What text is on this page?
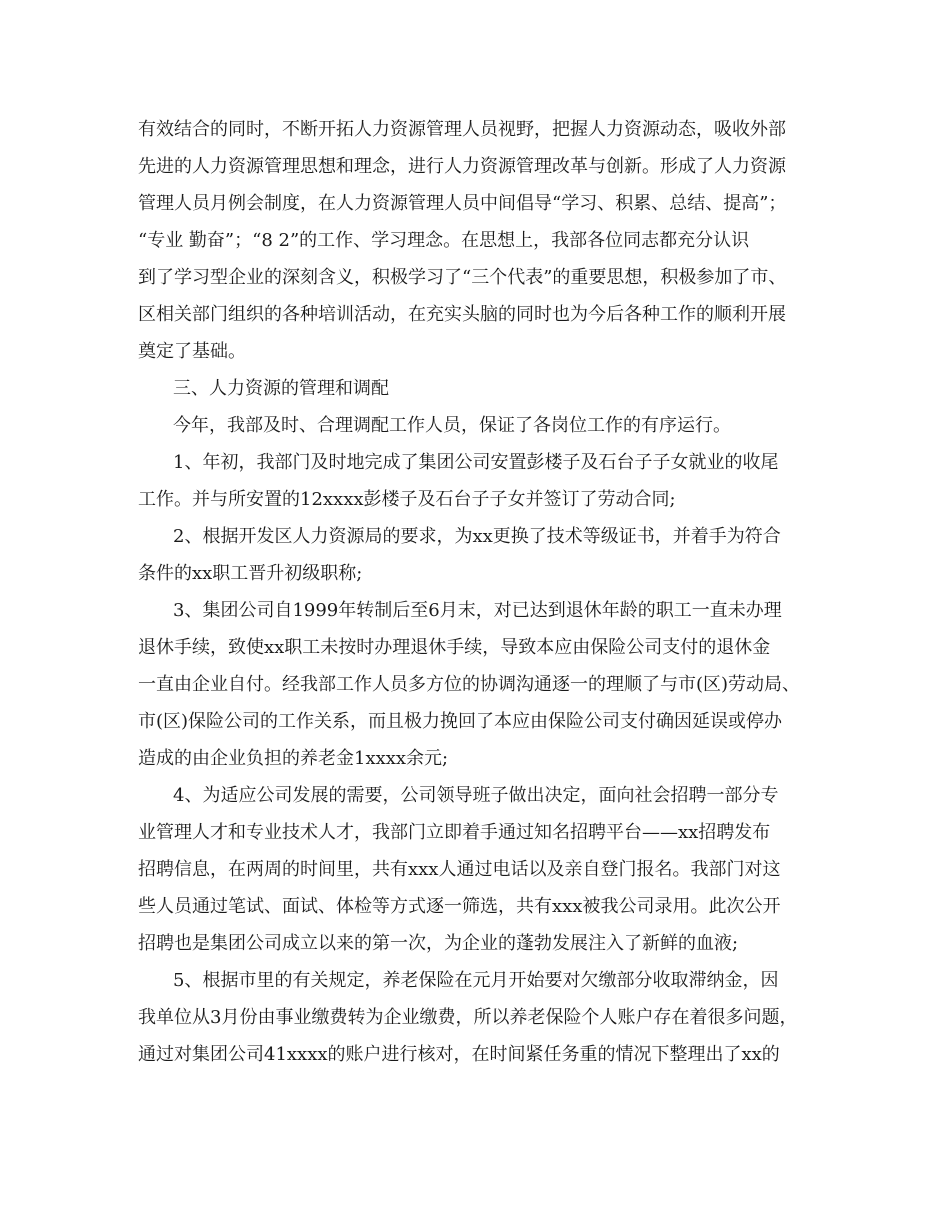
有效结合的同时，不断开拓人力资源管理人员视野，把握人力资源动态，吸收外部
先进的人力资源管理思想和理念，进行人力资源管理改革与创新。形成了人力资源
管理人员月例会制度，在人力资源管理人员中间倡导“学习、积累、总结、提高”；
“专业 勤奋”；“8 2”的工作、学习理念。在思想上，我部各位同志都充分认识
到了学习型企业的深刻含义，积极学习了“三个代表”的重要思想，积极参加了市、
区相关部门组织的各种培训活动，在充实头脑的同时也为今后各种工作的顺利开展
奠定了基础。
三、人力资源的管理和调配
今年，我部及时、合理调配工作人员，保证了各岗位工作的有序运行。
1、年初，我部门及时地完成了集团公司安置彭楼子及石台子子女就业的收尾
工作。并与所安置的12xxxx彭楼子及石台子子女并签订了劳动合同;
2、根据开发区人力资源局的要求，为xx更换了技术等级证书，并着手为符合
条件的xx职工晋升初级职称;
3、集团公司自1999年转制后至6月末，对已达到退休年龄的职工一直未办理
退休手续，致使xx职工未按时办理退休手续，导致本应由保险公司支付的退休金
一直由企业自付。经我部工作人员多方位的协调沟通逐一的理顺了与市(区)劳动局、
市(区)保险公司的工作关系，而且极力挽回了本应由保险公司支付确因延误或停办
造成的由企业负担的养老金1xxxx余元;
4、为适应公司发展的需要，公司领导班子做出决定，面向社会招聘一部分专
业管理人才和专业技术人才，我部门立即着手通过知名招聘平台——xx招聘发布
招聘信息，在两周的时间里，共有xxx人通过电话以及亲自登门报名。我部门对这
些人员通过笔试、面试、体检等方式逐一筛选，共有xxx被我公司录用。此次公开
招聘也是集团公司成立以来的第一次，为企业的蓬勃发展注入了新鲜的血液;
5、根据市里的有关规定，养老保险在元月开始要对欠缴部分收取滞纳金，因
我单位从3月份由事业缴费转为企业缴费，所以养老保险个人账户存在着很多问题，
通过对集团公司41xxxx的账户进行核对，在时间紧任务重的情况下整理出了xx的
